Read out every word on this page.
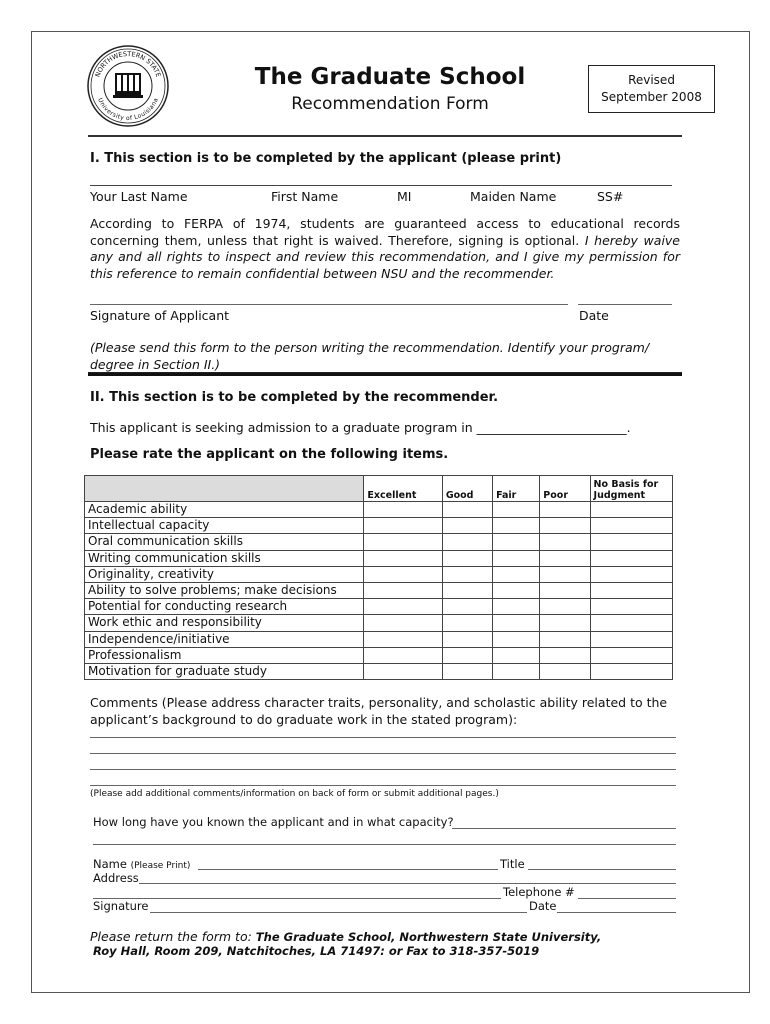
NORTHWESTERN STATE
University of Louisiana
The Graduate School
Recommendation Form
Revised
September 2008
I. This section is to be completed by the applicant (please print)
Your Last Name	First Name	MI	Maiden Name	SS#
According to FERPA of 1974, students are guaranteed access to educational records concerning them, unless that right is waived. Therefore, signing is optional. I hereby waive any and all rights to inspect and review this recommendation, and I give my permission for this reference to remain confidential between NSU and the recommender.
Signature of Applicant	Date
(Please send this form to the person writing the recommendation. Identify your program/ degree in Section II.)
II. This section is to be completed by the recommender.
This applicant is seeking admission to a graduate program in ________________________.
Please rate the applicant on the following items.
	Excellent	Good	Fair	Poor	No Basis for Judgment
Academic ability					
Intellectual capacity					
Oral communication skills					
Writing communication skills					
Originality, creativity					
Ability to solve problems; make decisions					
Potential for conducting research					
Work ethic and responsibility					
Independence/initiative					
Professionalism					
Motivation for graduate study					
Comments (Please address character traits, personality, and scholastic ability related to the applicant’s background to do graduate work in the stated program):
(Please add additional comments/information on back of form or submit additional pages.)
How long have you known the applicant and in what capacity?
Name (Please Print)	Title
Address
Telephone #
Signature	Date
Please return the form to: The Graduate School, Northwestern State University,
Roy Hall, Room 209, Natchitoches, LA 71497: or Fax to 318-357-5019
